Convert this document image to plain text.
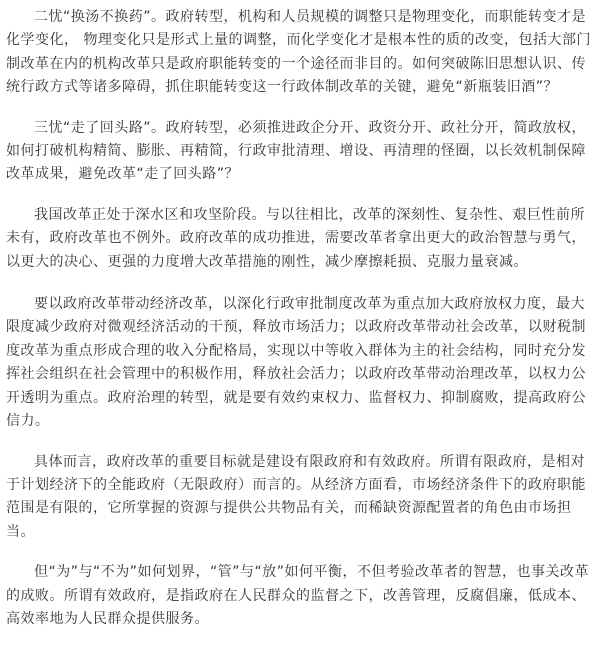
二忧“换汤不换药”。政府转型，机构和人员规模的调整只是物理变化，而职能转变才是化学变化， 物理变化只是形式上量的调整，而化学变化才是根本性的质的改变，包括大部门制改革在内的机构改革只是政府职能转变的一个途径而非目的。如何突破陈旧思想认识、传统行政方式等诸多障碍，抓住职能转变这一行政体制改革的关键，避免“新瓶装旧酒”？

三忧“走了回头路”。政府转型，必须推进政企分开、政资分开、政社分开，简政放权，如何打破机构精简、膨胀、再精简，行政审批清理、增设、再清理的怪圈，以长效机制保障改革成果，避免改革“走了回头路”？

我国改革正处于深水区和攻坚阶段。与以往相比，改革的深刻性、复杂性、艰巨性前所未有，政府改革也不例外。政府改革的成功推进，需要改革者拿出更大的政治智慧与勇气，以更大的决心、更强的力度增大改革措施的刚性，减少摩擦耗损、克服力量衰减。

要以政府改革带动经济改革，以深化行政审批制度改革为重点加大政府放权力度，最大限度减少政府对微观经济活动的干预，释放市场活力；以政府改革带动社会改革，以财税制度改革为重点形成合理的收入分配格局，实现以中等收入群体为主的社会结构，同时充分发挥社会组织在社会管理中的积极作用，释放社会活力；以政府改革带动治理改革，以权力公开透明为重点。政府治理的转型，就是要有效约束权力、监督权力、抑制腐败，提高政府公信力。

具体而言，政府改革的重要目标就是建设有限政府和有效政府。所谓有限政府，是相对于计划经济下的全能政府（无限政府）而言的。从经济方面看，市场经济条件下的政府职能范围是有限的，它所掌握的资源与提供公共物品有关，而稀缺资源配置者的角色由市场担当。

但“为”与“不为”如何划界，“管”与“放”如何平衡，不但考验改革者的智慧，也事关改革的成败。所谓有效政府，是指政府在人民群众的监督之下，改善管理，反腐倡廉，低成本、高效率地为人民群众提供服务。
